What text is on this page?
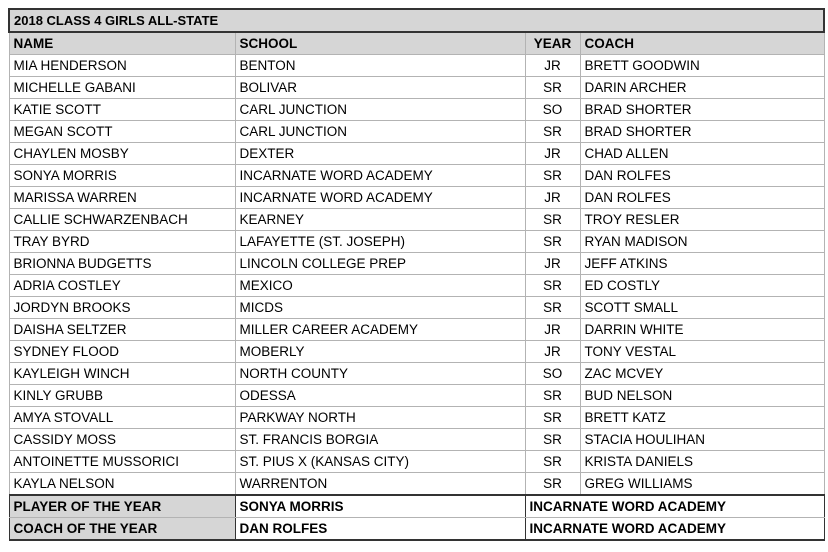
2018 CLASS 4 GIRLS ALL-STATE			
NAME	SCHOOL	YEAR	COACH
MIA HENDERSON	BENTON	JR	BRETT GOODWIN
MICHELLE GABANI	BOLIVAR	SR	DARIN ARCHER
KATIE SCOTT	CARL JUNCTION	SO	BRAD SHORTER
MEGAN SCOTT	CARL JUNCTION	SR	BRAD SHORTER
CHAYLEN MOSBY	DEXTER	JR	CHAD ALLEN
SONYA MORRIS	INCARNATE WORD ACADEMY	SR	DAN ROLFES
MARISSA WARREN	INCARNATE WORD ACADEMY	JR	DAN ROLFES
CALLIE SCHWARZENBACH	KEARNEY	SR	TROY RESLER
TRAY BYRD	LAFAYETTE (ST. JOSEPH)	SR	RYAN MADISON
BRIONNA BUDGETTS	LINCOLN COLLEGE PREP	JR	JEFF ATKINS
ADRIA COSTLEY	MEXICO	SR	ED COSTLY
JORDYN BROOKS	MICDS	SR	SCOTT SMALL
DAISHA SELTZER	MILLER CAREER ACADEMY	JR	DARRIN WHITE
SYDNEY FLOOD	MOBERLY	JR	TONY VESTAL
KAYLEIGH WINCH	NORTH COUNTY	SO	ZAC MCVEY
KINLY GRUBB	ODESSA	SR	BUD NELSON
AMYA STOVALL	PARKWAY NORTH	SR	BRETT KATZ
CASSIDY MOSS	ST. FRANCIS BORGIA	SR	STACIA HOULIHAN
ANTOINETTE MUSSORICI	ST. PIUS X (KANSAS CITY)	SR	KRISTA DANIELS
KAYLA NELSON	WARRENTON	SR	GREG WILLIAMS
PLAYER OF THE YEAR	SONYA MORRIS	INCARNATE WORD ACADEMY	
COACH OF THE YEAR	DAN ROLFES	INCARNATE WORD ACADEMY	
